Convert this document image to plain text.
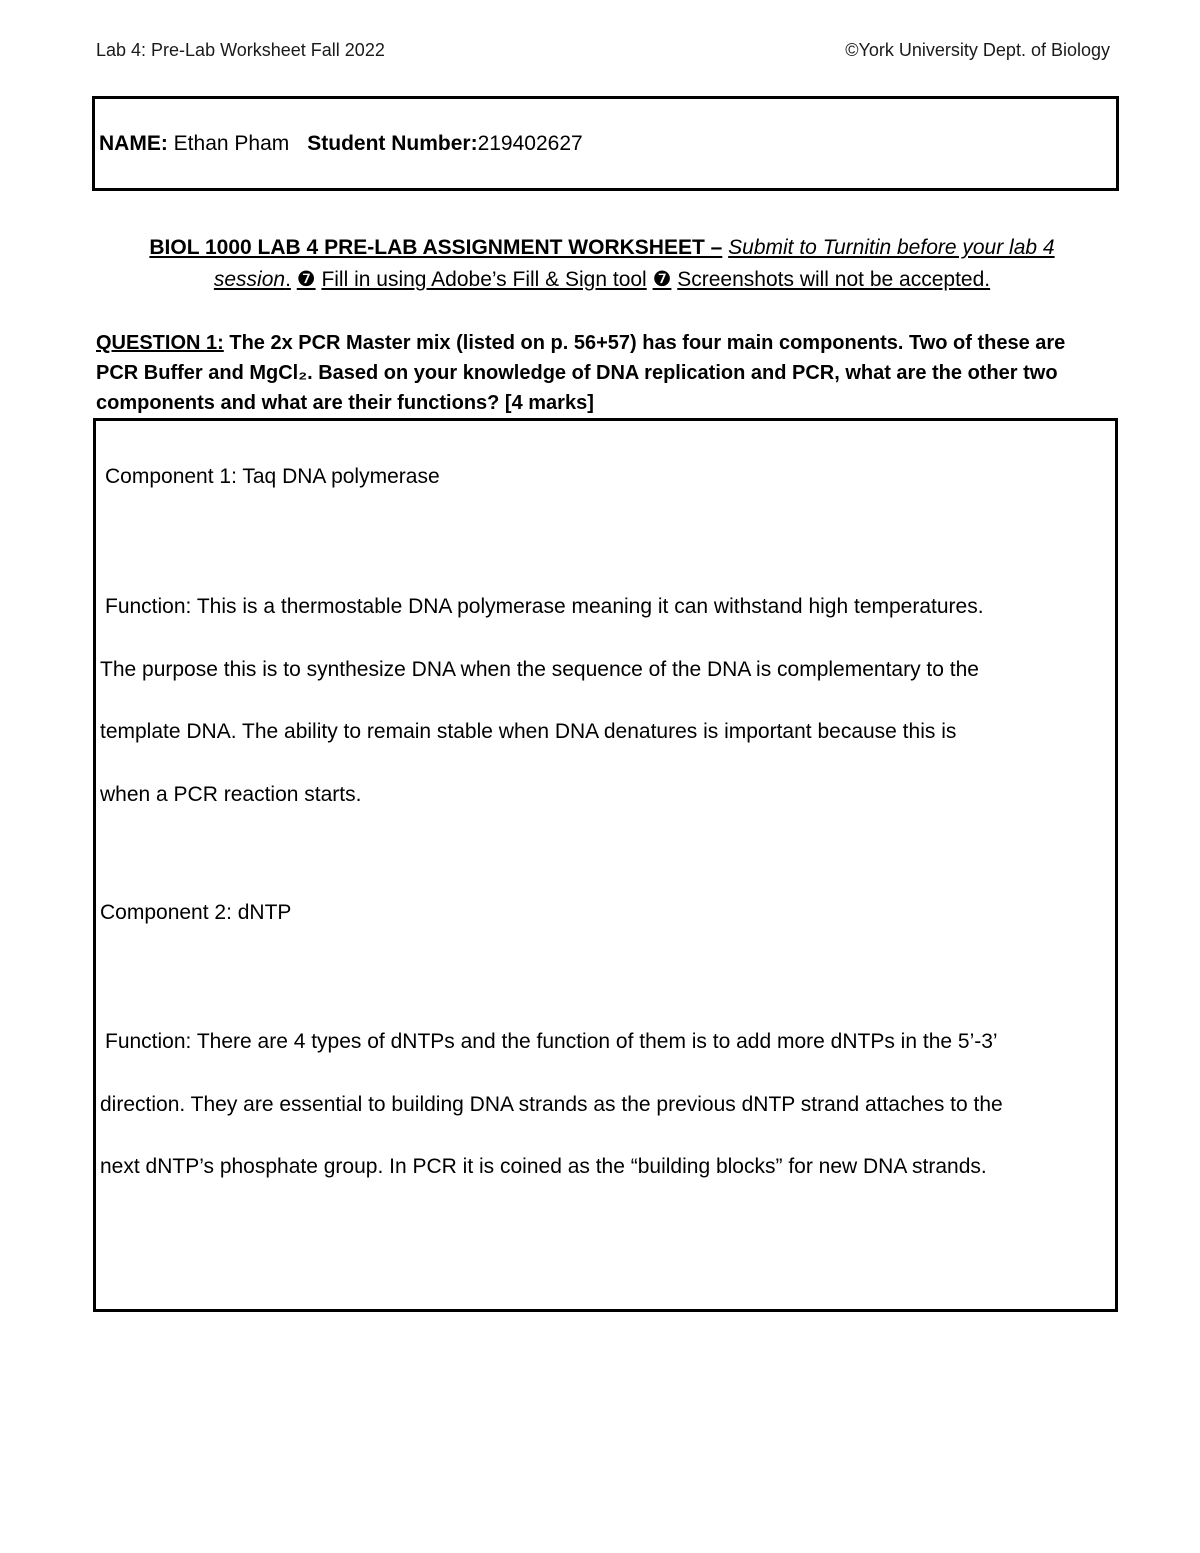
Lab 4: Pre-Lab Worksheet Fall 2022	©York University Dept. of Biology
NAME: Ethan Pham Student Number:219402627
BIOL 1000 LAB 4 PRE-LAB ASSIGNMENT WORKSHEET – Submit to Turnitin before your lab 4
session. ❼ Fill in using Adobe’s Fill & Sign tool ❼ Screenshots will not be accepted.
QUESTION 1: The 2x PCR Master mix (listed on p. 56+57) has four main components. Two of these are
PCR Buffer and MgCl₂. Based on your knowledge of DNA replication and PCR, what are the other two
components and what are their functions? [4 marks]
Component 1: Taq DNA polymerase
Function: This is a thermostable DNA polymerase meaning it can withstand high temperatures.
The purpose this is to synthesize DNA when the sequence of the DNA is complementary to the
template DNA. The ability to remain stable when DNA denatures is important because this is
when a PCR reaction starts.
Component 2: dNTP
Function: There are 4 types of dNTPs and the function of them is to add more dNTPs in the 5’-3’
direction. They are essential to building DNA strands as the previous dNTP strand attaches to the
next dNTP’s phosphate group. In PCR it is coined as the “building blocks” for new DNA strands.
